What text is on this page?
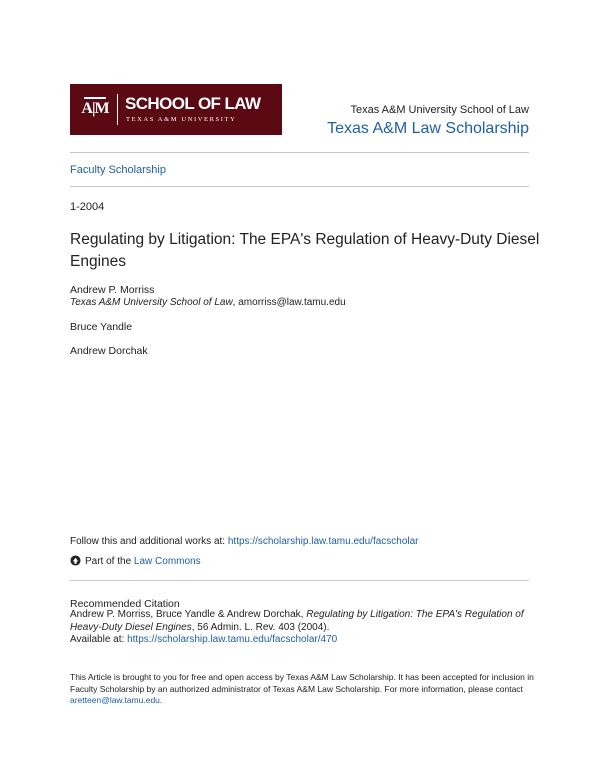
A|M SCHOOL OF LAW
TEXAS A&M UNIVERSITY
Texas A&M University School of Law
Texas A&M Law Scholarship
Faculty Scholarship
1-2004
Regulating by Litigation: The EPA's Regulation of Heavy-Duty Diesel Engines
Andrew P. Morriss
Texas A&M University School of Law, amorriss@law.tamu.edu
Bruce Yandle
Andrew Dorchak
Follow this and additional works at: https://scholarship.law.tamu.edu/facscholar
Part of the Law Commons
Recommended Citation
Andrew P. Morriss, Bruce Yandle & Andrew Dorchak, Regulating by Litigation: The EPA's Regulation of Heavy-Duty Diesel Engines, 56 Admin. L. Rev. 403 (2004).
Available at: https://scholarship.law.tamu.edu/facscholar/470
This Article is brought to you for free and open access by Texas A&M Law Scholarship. It has been accepted for inclusion in Faculty Scholarship by an authorized administrator of Texas A&M Law Scholarship. For more information, please contact aretteen@law.tamu.edu.
